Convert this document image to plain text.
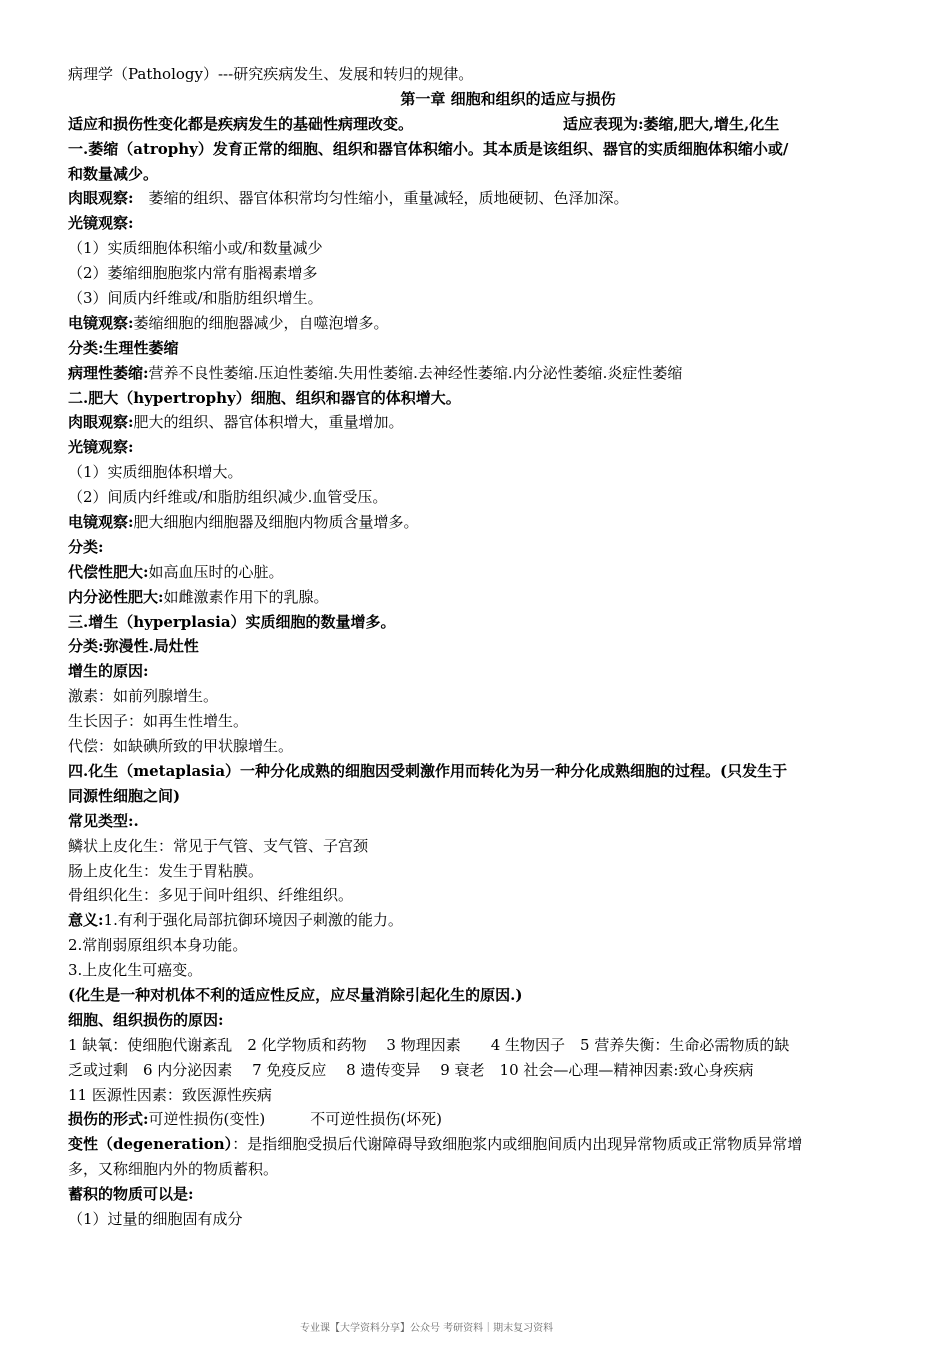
病理学（Pathology）---研究疾病发生、发展和转归的规律。
第一章 细胞和组织的适应与损伤
适应和损伤性变化都是疾病发生的基础性病理改变。	适应表现为:萎缩,肥大,增生,化生
一.萎缩（atrophy）发育正常的细胞、组织和器官体积缩小。其本质是该组织、器官的实质细胞体积缩小或/
和数量减少。
肉眼观察:　萎缩的组织、器官体积常均匀性缩小，重量减轻，质地硬韧、色泽加深。
光镜观察:
（1）实质细胞体积缩小或/和数量减少
（2）萎缩细胞胞浆内常有脂褐素增多
（3）间质内纤维或/和脂肪组织增生。
电镜观察:萎缩细胞的细胞器减少，自噬泡增多。
分类:生理性萎缩
病理性萎缩:营养不良性萎缩.压迫性萎缩.失用性萎缩.去神经性萎缩.内分泌性萎缩.炎症性萎缩
二.肥大（hypertrophy）细胞、组织和器官的体积增大。
肉眼观察:肥大的组织、器官体积增大，重量增加。
光镜观察:
（1）实质细胞体积增大。
（2）间质内纤维或/和脂肪组织减少.血管受压。
电镜观察:肥大细胞内细胞器及细胞内物质含量增多。
分类:
代偿性肥大:如高血压时的心脏。
内分泌性肥大:如雌激素作用下的乳腺。
三.增生（hyperplasia）实质细胞的数量增多。
分类:弥漫性.局灶性
增生的原因:
激素：如前列腺增生。
生长因子：如再生性增生。
代偿：如缺碘所致的甲状腺增生。
四.化生（metaplasia）一种分化成熟的细胞因受刺激作用而转化为另一种分化成熟细胞的过程。(只发生于
同源性细胞之间)
常见类型:.
鳞状上皮化生：常见于气管、支气管、子宫颈
肠上皮化生：发生于胃粘膜。
骨组织化生：多见于间叶组织、纤维组织。
意义:1.有利于强化局部抗御环境因子刺激的能力。
2.常削弱原组织本身功能。
3.上皮化生可癌变。
(化生是一种对机体不利的适应性反应，应尽量消除引起化生的原因.)
细胞、组织损伤的原因:
1 缺氧：使细胞代谢紊乱　2 化学物质和药物　 3 物理因素　　4 生物因子　5 营养失衡：生命必需物质的缺
乏或过剩　6 内分泌因素　 7 免疫反应　 8 遗传变异　 9 衰老　10 社会—心理—精神因素:致心身疾病
11 医源性因素：致医源性疾病
损伤的形式:可逆性损伤(变性)　　　不可逆性损伤(坏死)
变性（degeneration）：是指细胞受损后代谢障碍导致细胞浆内或细胞间质内出现异常物质或正常物质异常增
多，又称细胞内外的物质蓄积。
蓄积的物质可以是:
（1）过量的细胞固有成分
专业课【大学资料分享】公众号 考研资料｜期末复习资料
